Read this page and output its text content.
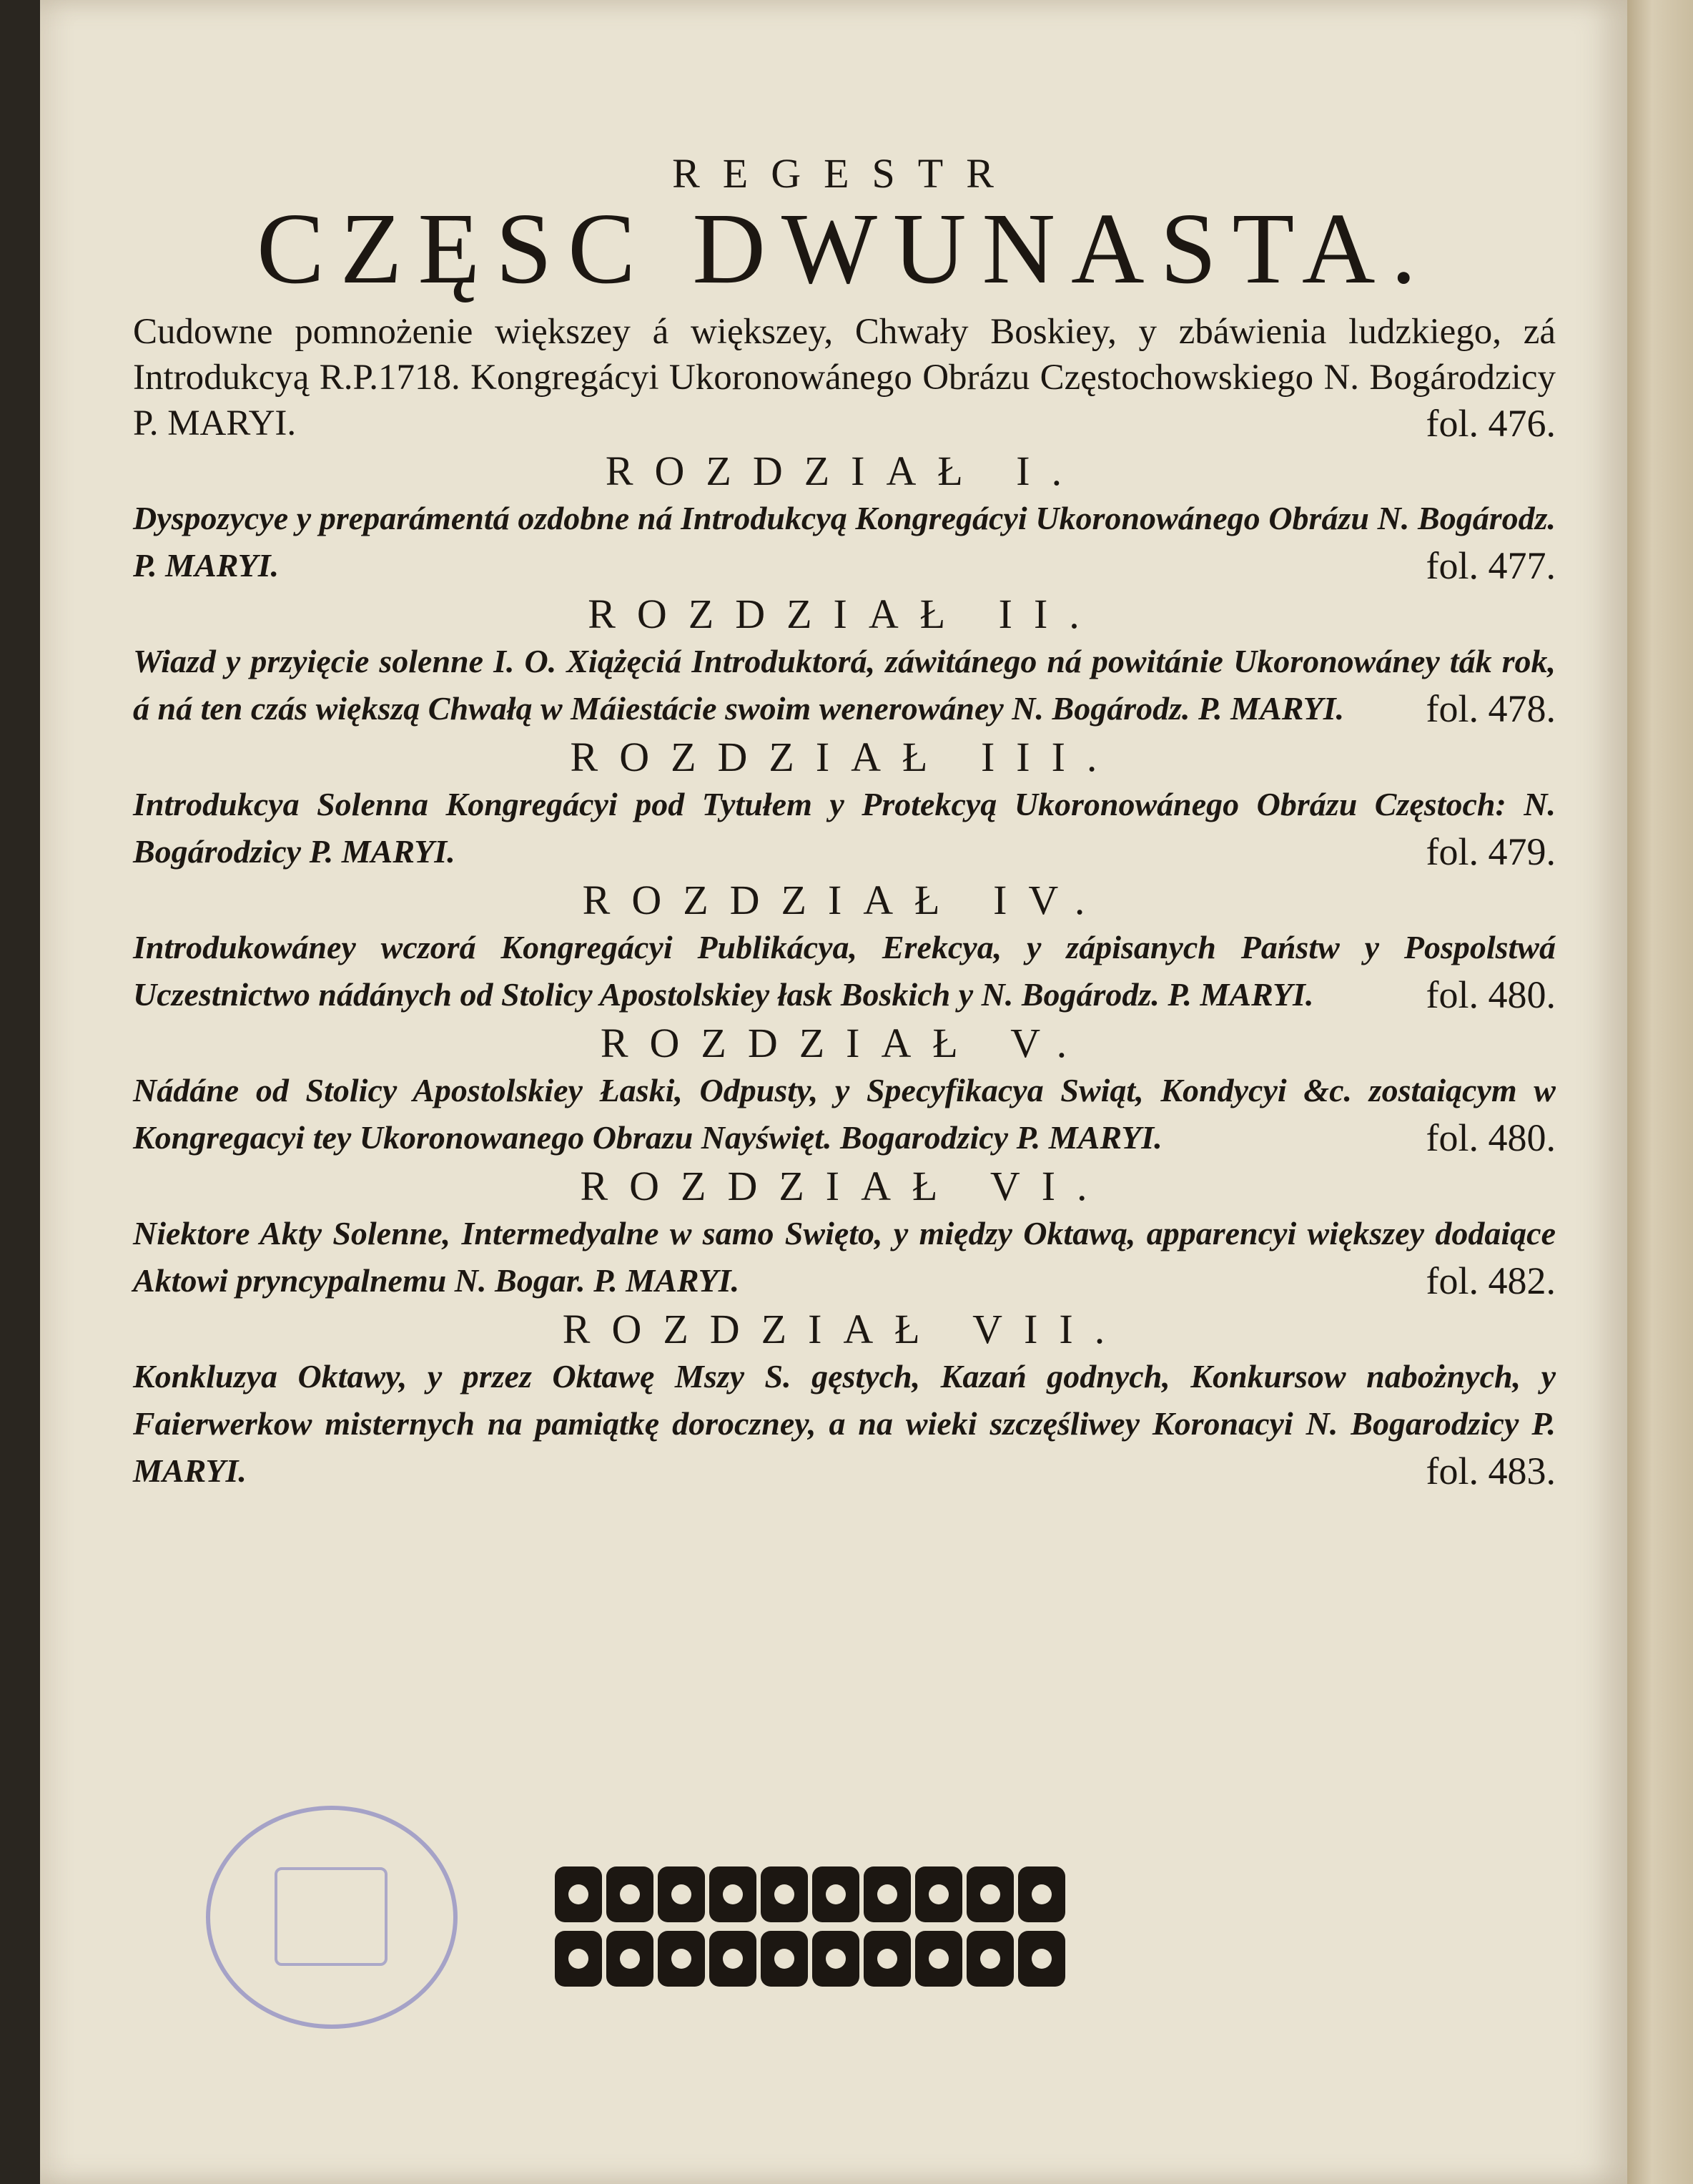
REGESTR
CZĘSC DWUNASTA.
Cudowne pomnożenie większey á większey, Chwały Boskiey, y zbáwienia ludzkiego, zá Introdukcyą R.P.1718. Kongregácyi Ukoronowánego Obrázu Częstochowskiego N. Bogárodzicy P. MARYI.	fol. 476.
ROZDZIAŁ I.
Dyspozycye y preparámentá ozdobne ná Introdukcyą Kongregácyi Ukoronowánego Obrázu N. Bogárodz. P. MARYI.	fol. 477.
ROZDZIAŁ II.
Wiazd y przyięcie solenne I. O. Xiążęciá Introduktorá, záwitánego ná powitánie Ukoronowáney ták rok, á ná ten czás większą Chwałą w Máiestácie swoim wenerowáney N. Bogárodz. P. MARYI. fol. 478.
ROZDZIAŁ III.
Introdukcya Solenna Kongregácyi pod Tytułem y Protekcyą Ukoronowánego Obrázu Częstoch: N. Bogárodzicy P. MARYI.	fol. 479.
ROZDZIAŁ IV.
Introdukowáney wczorá Kongregácyi Publikácya, Erekcya, y zápisanych Państw y Pospolstwá Uczestnictwo nádánych od Stolicy Apostolskiey łask Boskich y N. Bogárodz. P. MARYI.	fol. 480.
ROZDZIAŁ V.
Nádáne od Stolicy Apostolskiey Łaski, Odpusty, y Specyfikacya Swiąt, Kondycyi &c. zostaiącym w Kongregacyi tey Ukoronowanego Obrazu Nayświęt. Bogarodzicy P. MARYI.	fol. 480.
ROZDZIAŁ VI.
Niektore Akty Solenne, Intermedyalne w samo Swięto, y między Oktawą, apparencyi większey dodaiące Aktowi pryncypalnemu N. Bogar. P. MARYI.	fol. 482.
ROZDZIAŁ VII.
Konkluzya Oktawy, y przez Oktawę Mszy S. gęstych, Kazań godnych, Konkursow nabożnych, y Faierwerkow misternych na pamiątkę doroczney, a na wieki szczęśliwey Koronacyi N. Bogarodzicy P. MARYI.	fol. 483.
